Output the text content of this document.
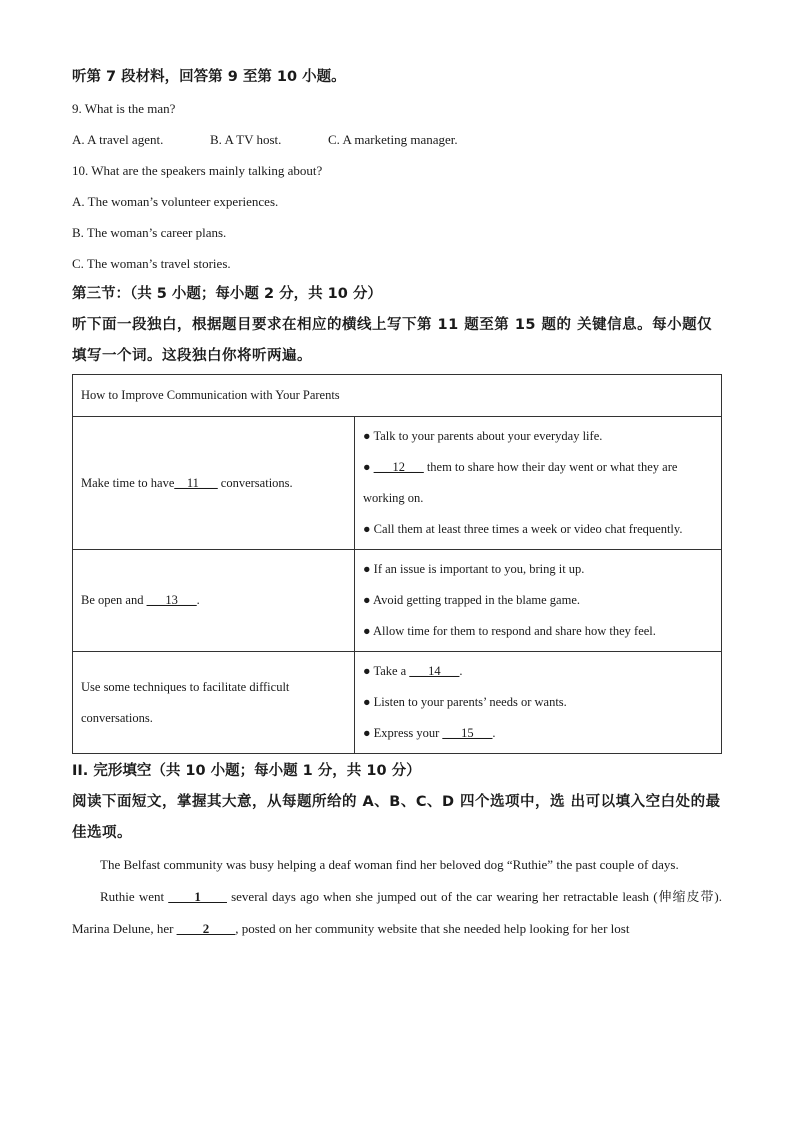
听第 7 段材料，回答第 9 至第 10 小题。
9. What is the man?
A. A travel agent.	B. A TV host.	C. A marketing manager.
10. What are the speakers mainly talking about?
A. The woman’s volunteer experiences.
B. The woman’s career plans.
C. The woman’s travel stories.
第三节：（共 5 小题；每小题 2 分，共 10 分）
听下面一段独白，根据题目要求在相应的横线上写下第 11 题至第 15 题的 关键信息。每小题仅填写一个词。这段独白你将听两遍。
How to Improve Communication with Your Parents	
Make time to have__11___ conversations.	● Talk to your parents about your everyday life.
● ___12___ them to share how their day went or what they are working on.
● Call them at least three times a week or video chat frequently.

Be open and ___13___.	● If an issue is important to you, bring it up.
● Avoid getting trapped in the blame game.
● Allow time for them to respond and share how they feel.

Use some techniques to facilitate difficult conversations.	● Take a ___14___.
● Listen to your parents’ needs or wants.
● Express your ___15___.
II. 完形填空（共 10 小题；每小题 1 分，共 10 分）
阅读下面短文，掌握其大意，从每题所给的 A、B、C、D 四个选项中，选 出可以填入空白处的最佳选项。
The Belfast community was busy helping a deaf woman find her beloved dog “Ruthie” the past couple of days.
Ruthie went ____1____ several days ago when she jumped out of the car wearing her retractable leash (伸缩皮带). Marina Delune, her ____2____, posted on her community website that she needed help looking for her lost
